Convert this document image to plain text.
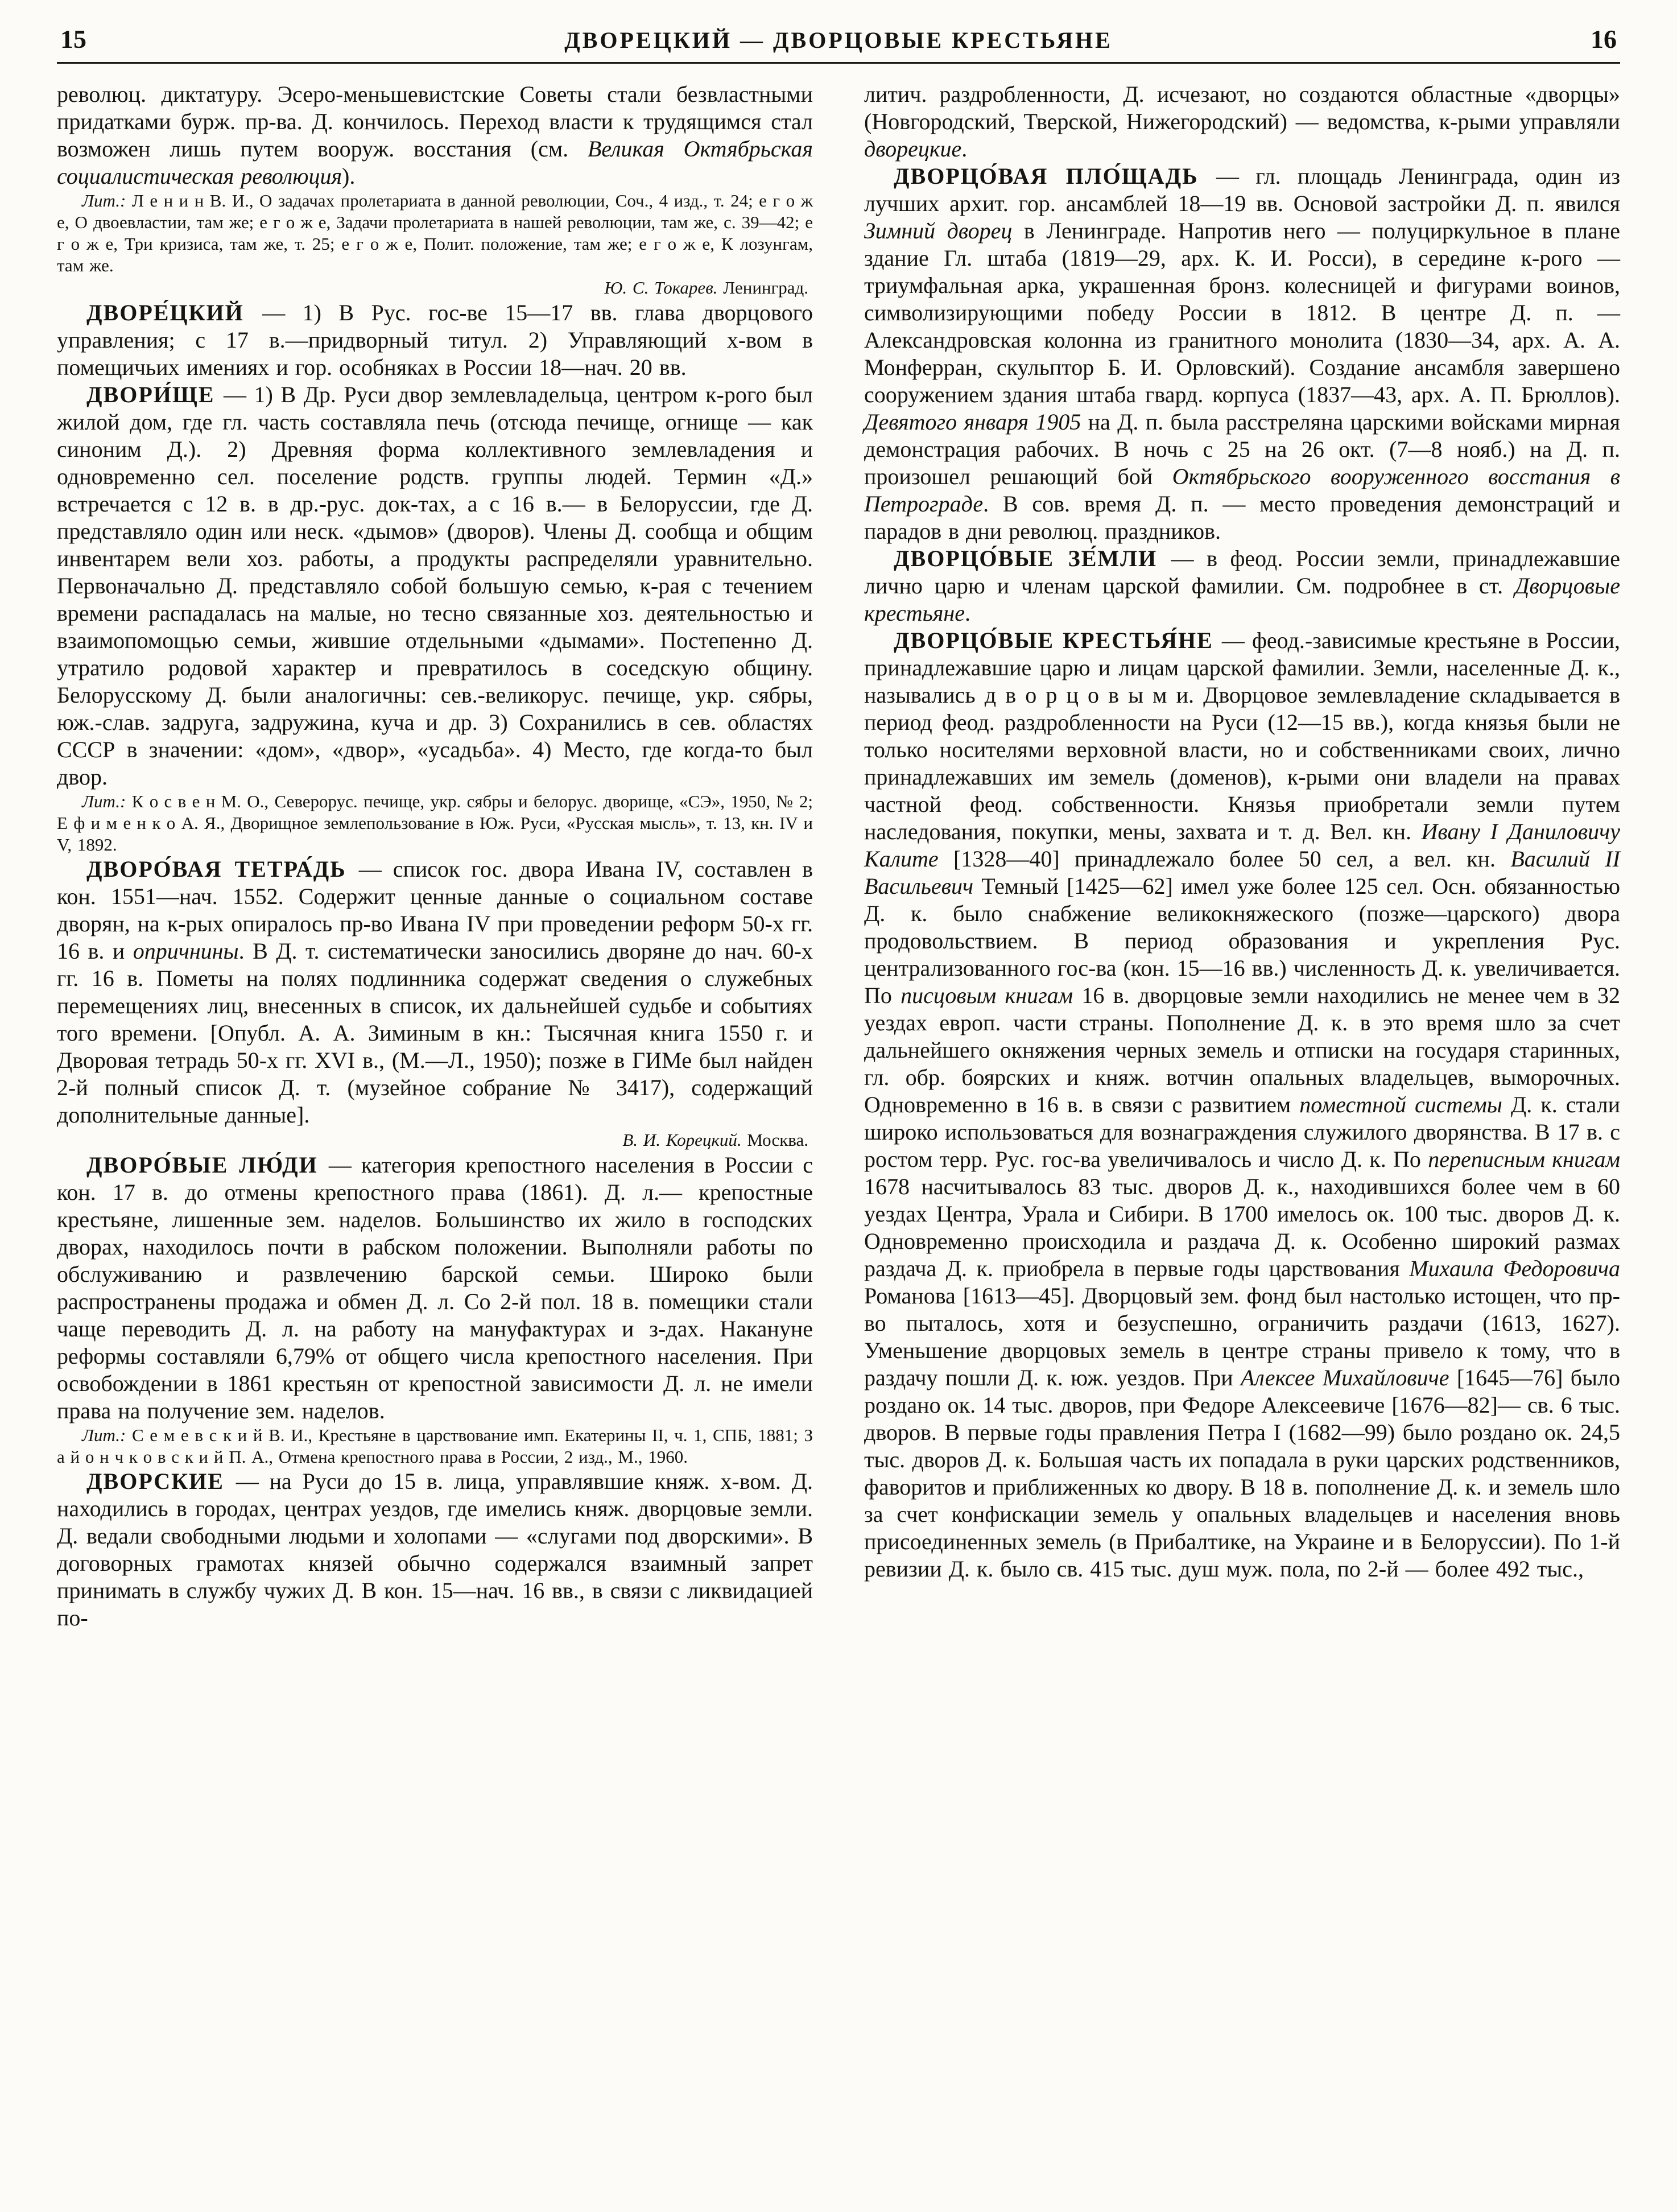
15	ДВОРЕЦКИЙ — ДВОРЦОВЫЕ КРЕСТЬЯНЕ	16

революц. диктатуру. Эсеро-меньшевистские Советы стали безвластными придатками бурж. пр-ва. Д. кончилось. Переход власти к трудящимся стал возможен лишь путем вооруж. восстания (см. Великая Октябрьская социалистическая революция).

Лит.: Л е н и н В. И., О задачах пролетариата в данной революции, Соч., 4 изд., т. 24; е г о ж е, О двоевластии, там же; е г о ж е, Задачи пролетариата в нашей революции, там же, с. 39—42; е г о ж е, Три кризиса, там же, т. 25; е г о ж е, Полит. положение, там же; е г о ж е, К лозунгам, там же.

Ю. С. Токарев. Ленинград.

ДВОРЕ́ЦКИЙ — 1) В Рус. гос-ве 15—17 вв. глава дворцового управления; с 17 в.—придворный титул. 2) Управляющий х-вом в помещичьих имениях и гор. особняках в России 18—нач. 20 вв.

ДВОРИ́ЩЕ — 1) В Др. Руси двор землевладельца, центром к-рого был жилой дом, где гл. часть составляла печь (отсюда печище, огнище — как синоним Д.). 2) Древняя форма коллективного землевладения и одновременно сел. поселение родств. группы людей. Термин «Д.» встречается с 12 в. в др.-рус. док-тах, а с 16 в.— в Белоруссии, где Д. представляло один или неск. «дымов» (дворов). Члены Д. сообща и общим инвентарем вели хоз. работы, а продукты распределяли уравнительно. Первоначально Д. представляло собой большую семью, к-рая с течением времени распадалась на малые, но тесно связанные хоз. деятельностью и взаимопомощью семьи, жившие отдельными «дымами». Постепенно Д. утратило родовой характер и превратилось в соседскую общину. Белорусскому Д. были аналогичны: сев.-великорус. печище, укр. сябры, юж.-слав. задруга, задружина, куча и др. 3) Сохранились в сев. областях СССР в значении: «дом», «двор», «усадьба». 4) Место, где когда-то был двор.

Лит.: К о с в е н М. О., Северорус. печище, укр. сябры и белорус. дворище, «СЭ», 1950, № 2; Е ф и м е н к о А. Я., Дворищное землепользование в Юж. Руси, «Русская мысль», т. 13, кн. IV и V, 1892.

ДВОРО́ВАЯ ТЕТРА́ДЬ — список гос. двора Ивана IV, составлен в кон. 1551—нач. 1552. Содержит ценные данные о социальном составе дворян, на к-рых опиралось пр-во Ивана IV при проведении реформ 50-х гг. 16 в. и опричнины. В Д. т. систематически заносились дворяне до нач. 60-х гг. 16 в. Пометы на полях подлинника содержат сведения о служебных перемещениях лиц, внесенных в список, их дальнейшей судьбе и событиях того времени. [Опубл. А. А. Зиминым в кн.: Тысячная книга 1550 г. и Дворовая тетрадь 50-х гг. XVI в., (М.—Л., 1950); позже в ГИМе был найден 2-й полный список Д. т. (музейное собрание № 3417), содержащий дополнительные данные].

В. И. Корецкий. Москва.

ДВОРО́ВЫЕ ЛЮ́ДИ — категория крепостного населения в России с кон. 17 в. до отмены крепостного права (1861). Д. л.— крепостные крестьяне, лишенные зем. наделов. Большинство их жило в господских дворах, находилось почти в рабском положении. Выполняли работы по обслуживанию и развлечению барской семьи. Широко были распространены продажа и обмен Д. л. Со 2-й пол. 18 в. помещики стали чаще переводить Д. л. на работу на мануфактурах и з-дах. Накануне реформы составляли 6,79% от общего числа крепостного населения. При освобождении в 1861 крестьян от крепостной зависимости Д. л. не имели права на получение зем. наделов.

Лит.: С е м е в с к и й В. И., Крестьяне в царствование имп. Екатерины II, ч. 1, СПБ, 1881; З а й о н ч к о в с к и й П. А., Отмена крепостного права в России, 2 изд., М., 1960.

ДВОРСКИЕ — на Руси до 15 в. лица, управлявшие княж. х-вом. Д. находились в городах, центрах уездов, где имелись княж. дворцовые земли. Д. ведали свободными людьми и холопами — «слугами под дворскими». В договорных грамотах князей обычно содержался взаимный запрет принимать в службу чужих Д. В кон. 15—нач. 16 вв., в связи с ликвидацией по-

литич. раздробленности, Д. исчезают, но создаются областные «дворцы» (Новгородский, Тверской, Нижегородский) — ведомства, к-рыми управляли дворецкие.

ДВОРЦО́ВАЯ ПЛО́ЩАДЬ — гл. площадь Ленинграда, один из лучших архит. гор. ансамблей 18—19 вв. Основой застройки Д. п. явился Зимний дворец в Ленинграде. Напротив него — полуциркульное в плане здание Гл. штаба (1819—29, арх. К. И. Росси), в середине к-рого — триумфальная арка, украшенная бронз. колесницей и фигурами воинов, символизирующими победу России в 1812. В центре Д. п. — Александровская колонна из гранитного монолита (1830—34, арх. А. А. Монферран, скульптор Б. И. Орловский). Создание ансамбля завершено сооружением здания штаба гвард. корпуса (1837—43, арх. А. П. Брюллов). Девятого января 1905 на Д. п. была расстреляна царскими войсками мирная демонстрация рабочих. В ночь с 25 на 26 окт. (7—8 нояб.) на Д. п. произошел решающий бой Октябрьского вооруженного восстания в Петрограде. В сов. время Д. п. — место проведения демонстраций и парадов в дни революц. праздников.

ДВОРЦО́ВЫЕ ЗЕ́МЛИ — в феод. России земли, принадлежавшие лично царю и членам царской фамилии. См. подробнее в ст. Дворцовые крестьяне.

ДВОРЦО́ВЫЕ КРЕСТЬЯ́НЕ — феод.-зависимые крестьяне в России, принадлежавшие царю и лицам царской фамилии. Земли, населенные Д. к., назывались д в о р ц о в ы м и. Дворцовое землевладение складывается в период феод. раздробленности на Руси (12—15 вв.), когда князья были не только носителями верховной власти, но и собственниками своих, лично принадлежавших им земель (доменов), к-рыми они владели на правах частной феод. собственности. Князья приобретали земли путем наследования, покупки, мены, захвата и т. д. Вел. кн. Ивану I Даниловичу Калите [1328—40] принадлежало более 50 сел, а вел. кн. Василий II Васильевич Темный [1425—62] имел уже более 125 сел. Осн. обязанностью Д. к. было снабжение великокняжеского (позже—царского) двора продовольствием. В период образования и укрепления Рус. централизованного гос-ва (кон. 15—16 вв.) численность Д. к. увеличивается. По писцовым книгам 16 в. дворцовые земли находились не менее чем в 32 уездах европ. части страны. Пополнение Д. к. в это время шло за счет дальнейшего окняжения черных земель и отписки на государя старинных, гл. обр. боярских и княж. вотчин опальных владельцев, выморочных. Одновременно в 16 в. в связи с развитием поместной системы Д. к. стали широко использоваться для вознаграждения служилого дворянства. В 17 в. с ростом терр. Рус. гос-ва увеличивалось и число Д. к. По переписным книгам 1678 насчитывалось 83 тыс. дворов Д. к., находившихся более чем в 60 уездах Центра, Урала и Сибири. В 1700 имелось ок. 100 тыс. дворов Д. к. Одновременно происходила и раздача Д. к. Особенно широкий размах раздача Д. к. приобрела в первые годы царствования Михаила Федоровича Романова [1613—45]. Дворцовый зем. фонд был настолько истощен, что пр-во пыталось, хотя и безуспешно, ограничить раздачи (1613, 1627). Уменьшение дворцовых земель в центре страны привело к тому, что в раздачу пошли Д. к. юж. уездов. При Алексее Михайловиче [1645—76] было роздано ок. 14 тыс. дворов, при Федоре Алексеевиче [1676—82]— св. 6 тыс. дворов. В первые годы правления Петра I (1682—99) было роздано ок. 24,5 тыс. дворов Д. к. Большая часть их попадала в руки царских родственников, фаворитов и приближенных ко двору. В 18 в. пополнение Д. к. и земель шло за счет конфискации земель у опальных владельцев и населения вновь присоединенных земель (в Прибалтике, на Украине и в Белоруссии). По 1-й ревизии Д. к. было св. 415 тыс. душ муж. пола, по 2-й — более 492 тыс.,
